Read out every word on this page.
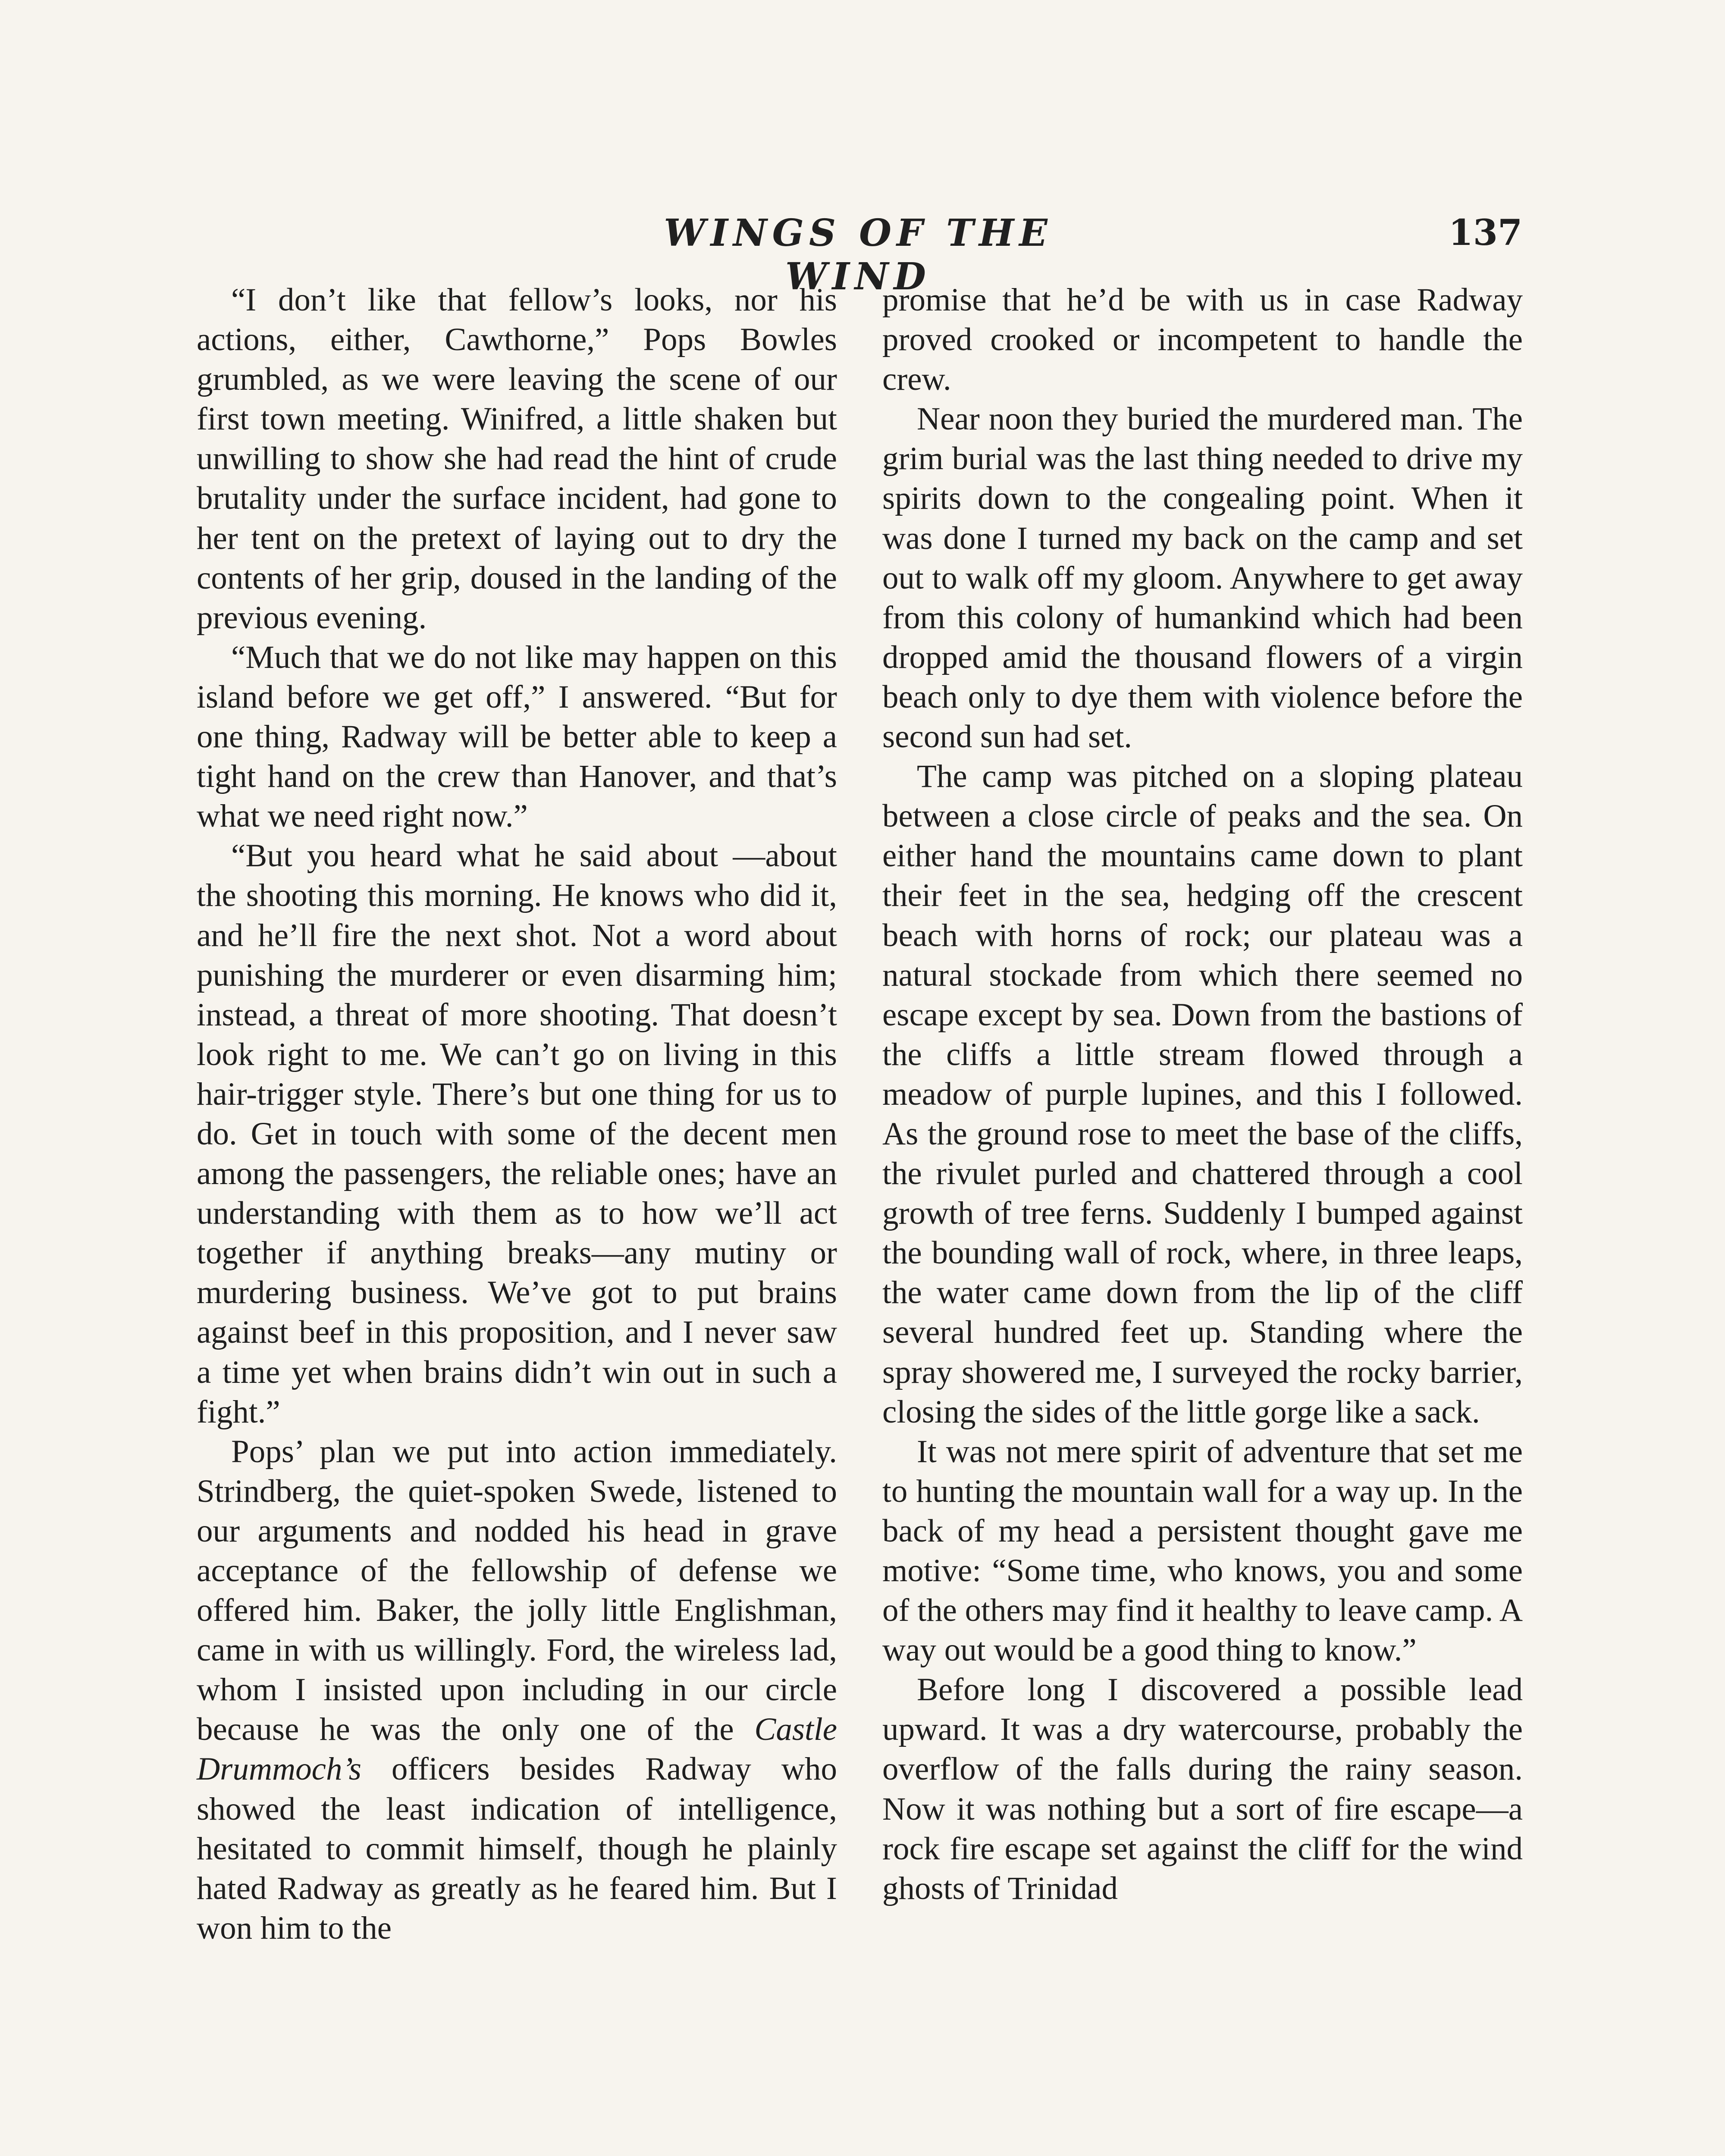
WINGS OF THE WIND
137

“I don’t like that fellow’s looks, nor his actions, either, Cawthorne,” Pops Bowles grumbled, as we were leaving the scene of our first town meeting. Winifred, a little shaken but unwilling to show she had read the hint of crude brutality under the surface incident, had gone to her tent on the pretext of laying out to dry the contents of her grip, doused in the landing of the previous evening.

“Much that we do not like may happen on this island before we get off,” I answered. “But for one thing, Radway will be better able to keep a tight hand on the crew than Hanover, and that’s what we need right now.”

“But you heard what he said about —about the shooting this morning. He knows who did it, and he’ll fire the next shot. Not a word about punishing the murderer or even disarming him; instead, a threat of more shooting. That doesn’t look right to me. We can’t go on living in this hair-trigger style. There’s but one thing for us to do. Get in touch with some of the decent men among the passengers, the reliable ones; have an understanding with them as to how we’ll act together if anything breaks—any mutiny or murdering business. We’ve got to put brains against beef in this proposition, and I never saw a time yet when brains didn’t win out in such a fight.”

Pops’ plan we put into action immediately. Strindberg, the quiet-spoken Swede, listened to our arguments and nodded his head in grave acceptance of the fellowship of defense we offered him. Baker, the jolly little Englishman, came in with us willingly. Ford, the wireless lad, whom I insisted upon including in our circle because he was the only one of the Castle Drummoch’s officers besides Radway who showed the least indication of intelligence, hesitated to commit himself, though he plainly hated Radway as greatly as he feared him. But I won him to the

promise that he’d be with us in case Radway proved crooked or incompetent to handle the crew.

Near noon they buried the murdered man. The grim burial was the last thing needed to drive my spirits down to the congealing point. When it was done I turned my back on the camp and set out to walk off my gloom. Anywhere to get away from this colony of humankind which had been dropped amid the thousand flowers of a virgin beach only to dye them with violence before the second sun had set.

The camp was pitched on a sloping plateau between a close circle of peaks and the sea. On either hand the mountains came down to plant their feet in the sea, hedging off the crescent beach with horns of rock; our plateau was a natural stockade from which there seemed no escape except by sea. Down from the bastions of the cliffs a little stream flowed through a meadow of purple lupines, and this I followed. As the ground rose to meet the base of the cliffs, the rivulet purled and chattered through a cool growth of tree ferns. Suddenly I bumped against the bounding wall of rock, where, in three leaps, the water came down from the lip of the cliff several hundred feet up. Standing where the spray showered me, I surveyed the rocky barrier, closing the sides of the little gorge like a sack.

It was not mere spirit of adventure that set me to hunting the mountain wall for a way up. In the back of my head a persistent thought gave me motive: “Some time, who knows, you and some of the others may find it healthy to leave camp. A way out would be a good thing to know.”

Before long I discovered a possible lead upward. It was a dry watercourse, probably the overflow of the falls during the rainy season. Now it was nothing but a sort of fire escape—a rock fire escape set against the cliff for the wind ghosts of Trinidad
